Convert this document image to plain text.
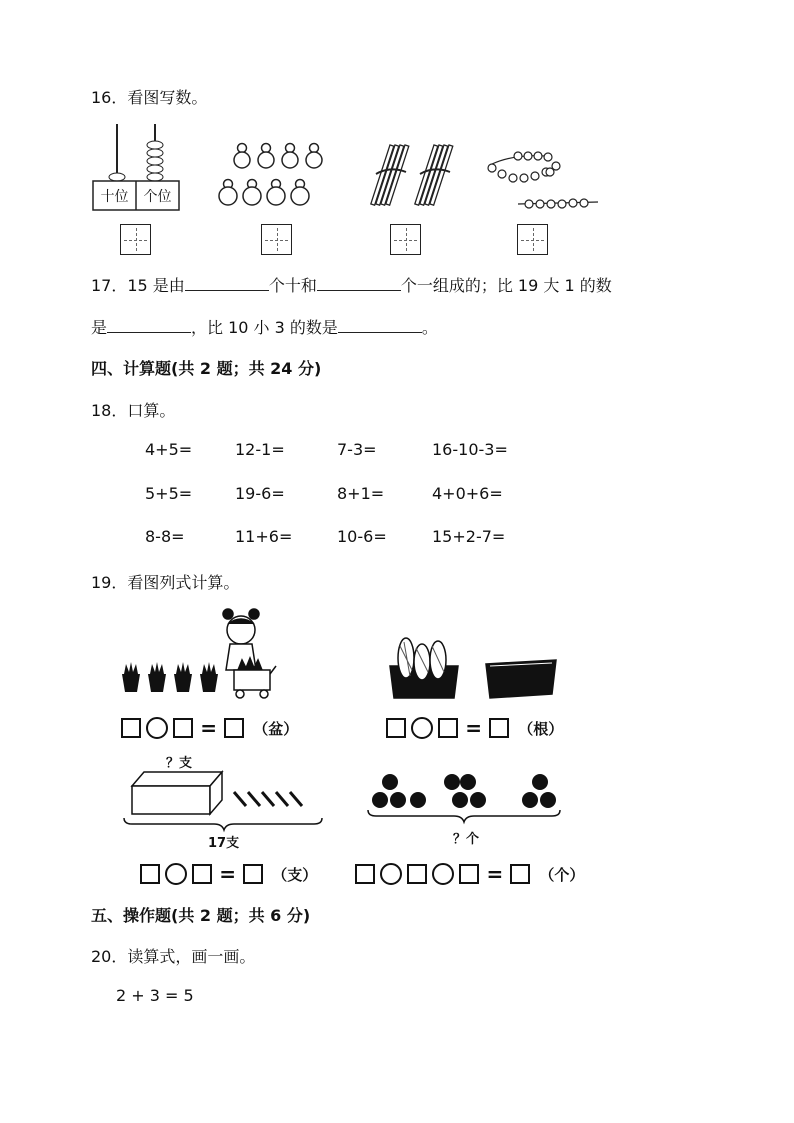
16．看图写数。
十位	个位
17．15 是由	个十和	个一组成的；比 19 大 1 的数
是	，比 10 小 3 的数是	。
四、计算题(共 2 题；共 24 分)
18．口算。
4+5=	12-1=	7-3=	16-10-3=
5+5=	19-6=	8+1=	4+0+6=
8-8=	11+6=	10-6=	15+2-7=
19．看图列式计算。
= （盆）	= （根）
？支
17支	？个
= （支）	= （个）
五、操作题(共 2 题；共 6 分)
20．读算式，画一画。
2 + 3 = 5
